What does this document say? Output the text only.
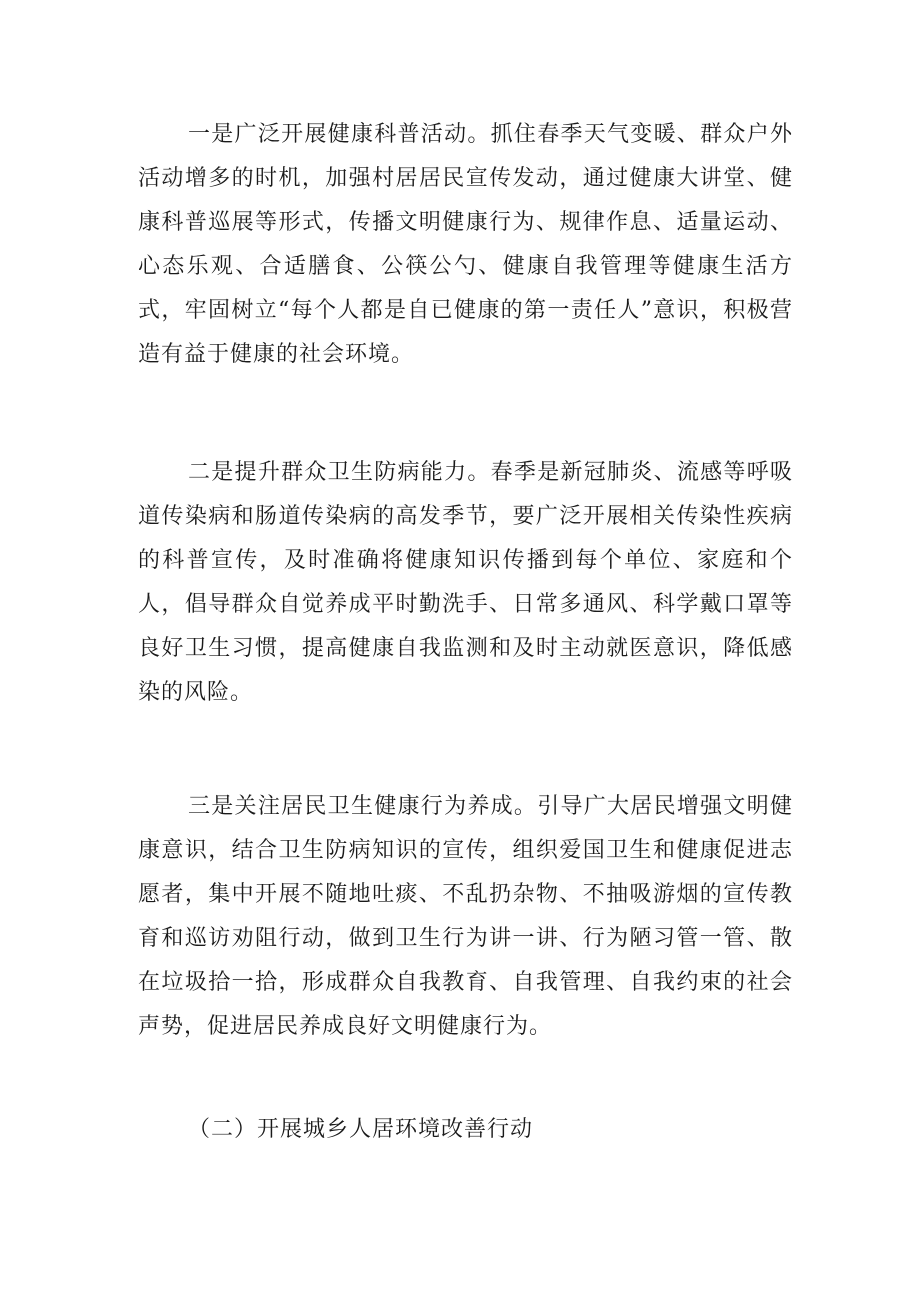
一是广泛开展健康科普活动。抓住春季天气变暖、群众户外活动增多的时机，加强村居居民宣传发动，通过健康大讲堂、健康科普巡展等形式，传播文明健康行为、规律作息、适量运动、心态乐观、合适膳食、公筷公勺、健康自我管理等健康生活方式，牢固树立“每个人都是自已健康的第一责任人”意识，积极营造有益于健康的社会环境。

二是提升群众卫生防病能力。春季是新冠肺炎、流感等呼吸道传染病和肠道传染病的高发季节，要广泛开展相关传染性疾病的科普宣传，及时准确将健康知识传播到每个单位、家庭和个人，倡导群众自觉养成平时勤洗手、日常多通风、科学戴口罩等良好卫生习惯，提高健康自我监测和及时主动就医意识，降低感染的风险。

三是关注居民卫生健康行为养成。引导广大居民增强文明健康意识，结合卫生防病知识的宣传，组织爱国卫生和健康促进志愿者，集中开展不随地吐痰、不乱扔杂物、不抽吸游烟的宣传教育和巡访劝阻行动，做到卫生行为讲一讲、行为陋习管一管、散在垃圾拾一拾，形成群众自我教育、自我管理、自我约束的社会声势，促进居民养成良好文明健康行为。

（二）开展城乡人居环境改善行动
